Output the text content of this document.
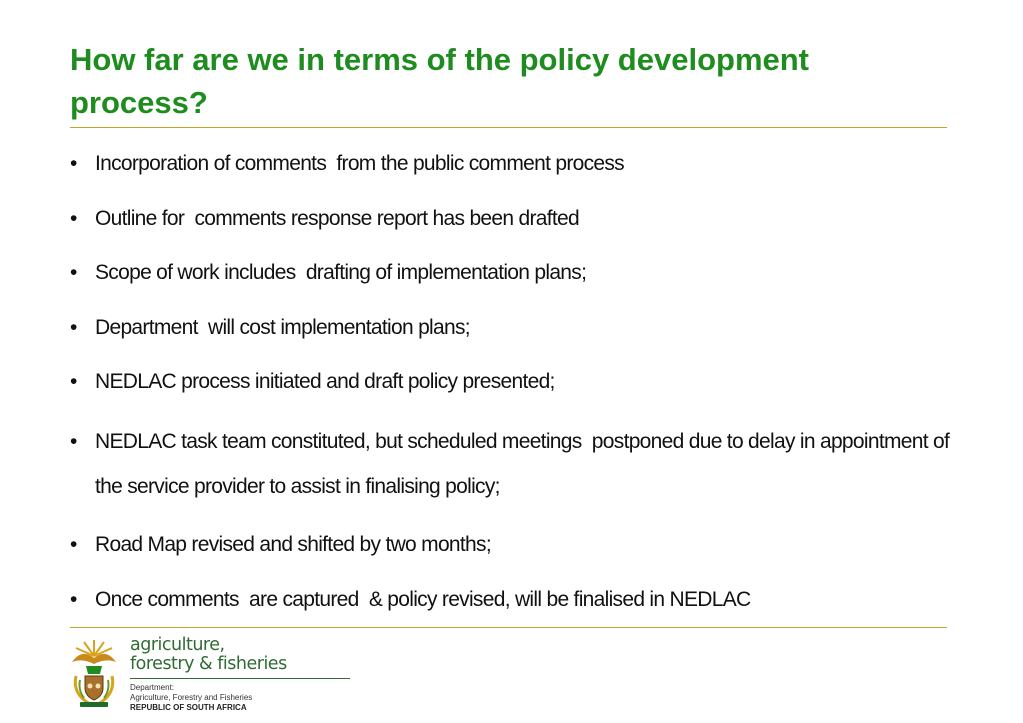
How far are we in terms of the policy development process?
• Incorporation of comments  from the public comment process
• Outline for  comments response report has been drafted
• Scope of work includes  drafting of implementation plans;
• Department  will cost implementation plans;
• NEDLAC process initiated and draft policy presented;
• NEDLAC task team constituted, but scheduled meetings  postponed due to delay in appointment of the service provider to assist in finalising policy;
• Road Map revised and shifted by two months;
• Once comments  are captured  & policy revised, will be finalised in NEDLAC
agriculture,
forestry & fisheries
Department:
Agriculture, Forestry and Fisheries
REPUBLIC OF SOUTH AFRICA
